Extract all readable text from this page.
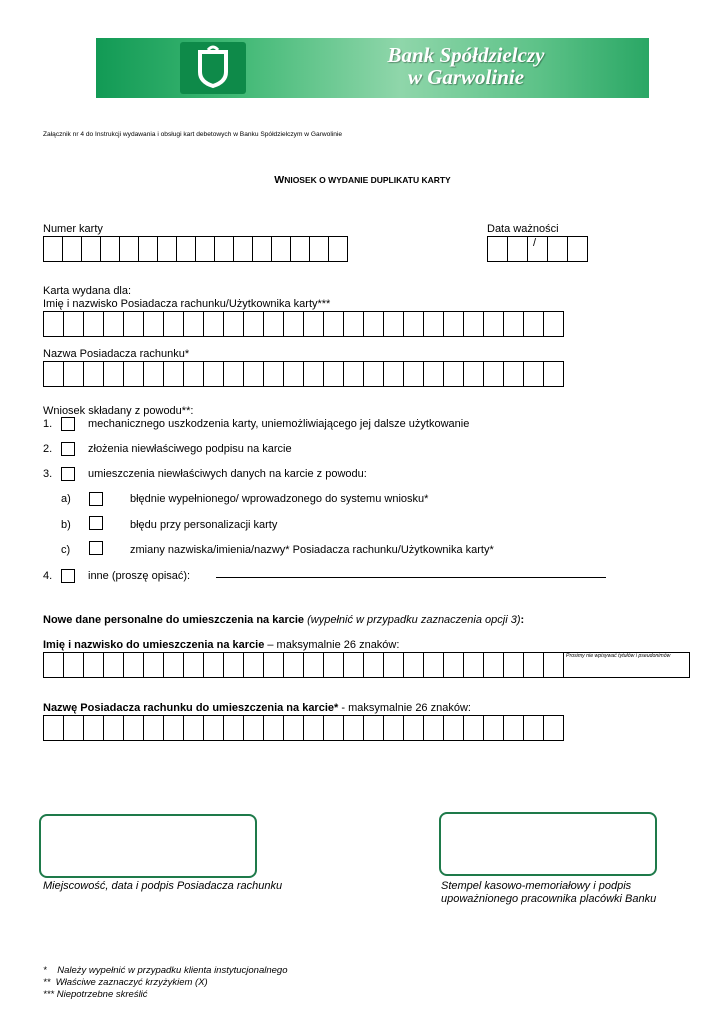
Bank Spółdzielczy
w Garwolinie
Załącznik nr 4 do Instrukcji wydawania i obsługi kart debetowych w Banku Spółdzielczym w Garwolinie
WNIOSEK O WYDANIE DUPLIKATU KARTY
Numer karty	Data ważności
/
Karta wydana dla:
Imię i nazwisko Posiadacza rachunku/Użytkownika karty***
Nazwa Posiadacza rachunku*
Wniosek składany z powodu**:
1.	mechanicznego uszkodzenia karty, uniemożliwiającego jej dalsze użytkowanie
2.	złożenia niewłaściwego podpisu na karcie
3.	umieszczenia niewłaściwych danych na karcie z powodu:
a)	błędnie wypełnionego/ wprowadzonego do systemu wniosku*
b)	błędu przy personalizacji karty
c)	zmiany nazwiska/imienia/nazwy* Posiadacza rachunku/Użytkownika karty*
4.	inne (proszę opisać):
Nowe dane personalne do umieszczenia na karcie (wypełnić w przypadku zaznaczenia opcji 3):
Imię i nazwisko do umieszczenia na karcie – maksymalnie 26 znaków:
Prosimy nie wpisywać tytułów i pseudonimów
Nazwę Posiadacza rachunku do umieszczenia na karcie* - maksymalnie 26 znaków:
Miejscowość, data i podpis Posiadacza rachunku	Stempel kasowo-memoriałowy i podpis
upoważnionego pracownika placówki Banku
*    Należy wypełnić w przypadku klienta instytucjonalnego
**  Właściwe zaznaczyć krzyżykiem (X)
*** Niepotrzebne skreślić
